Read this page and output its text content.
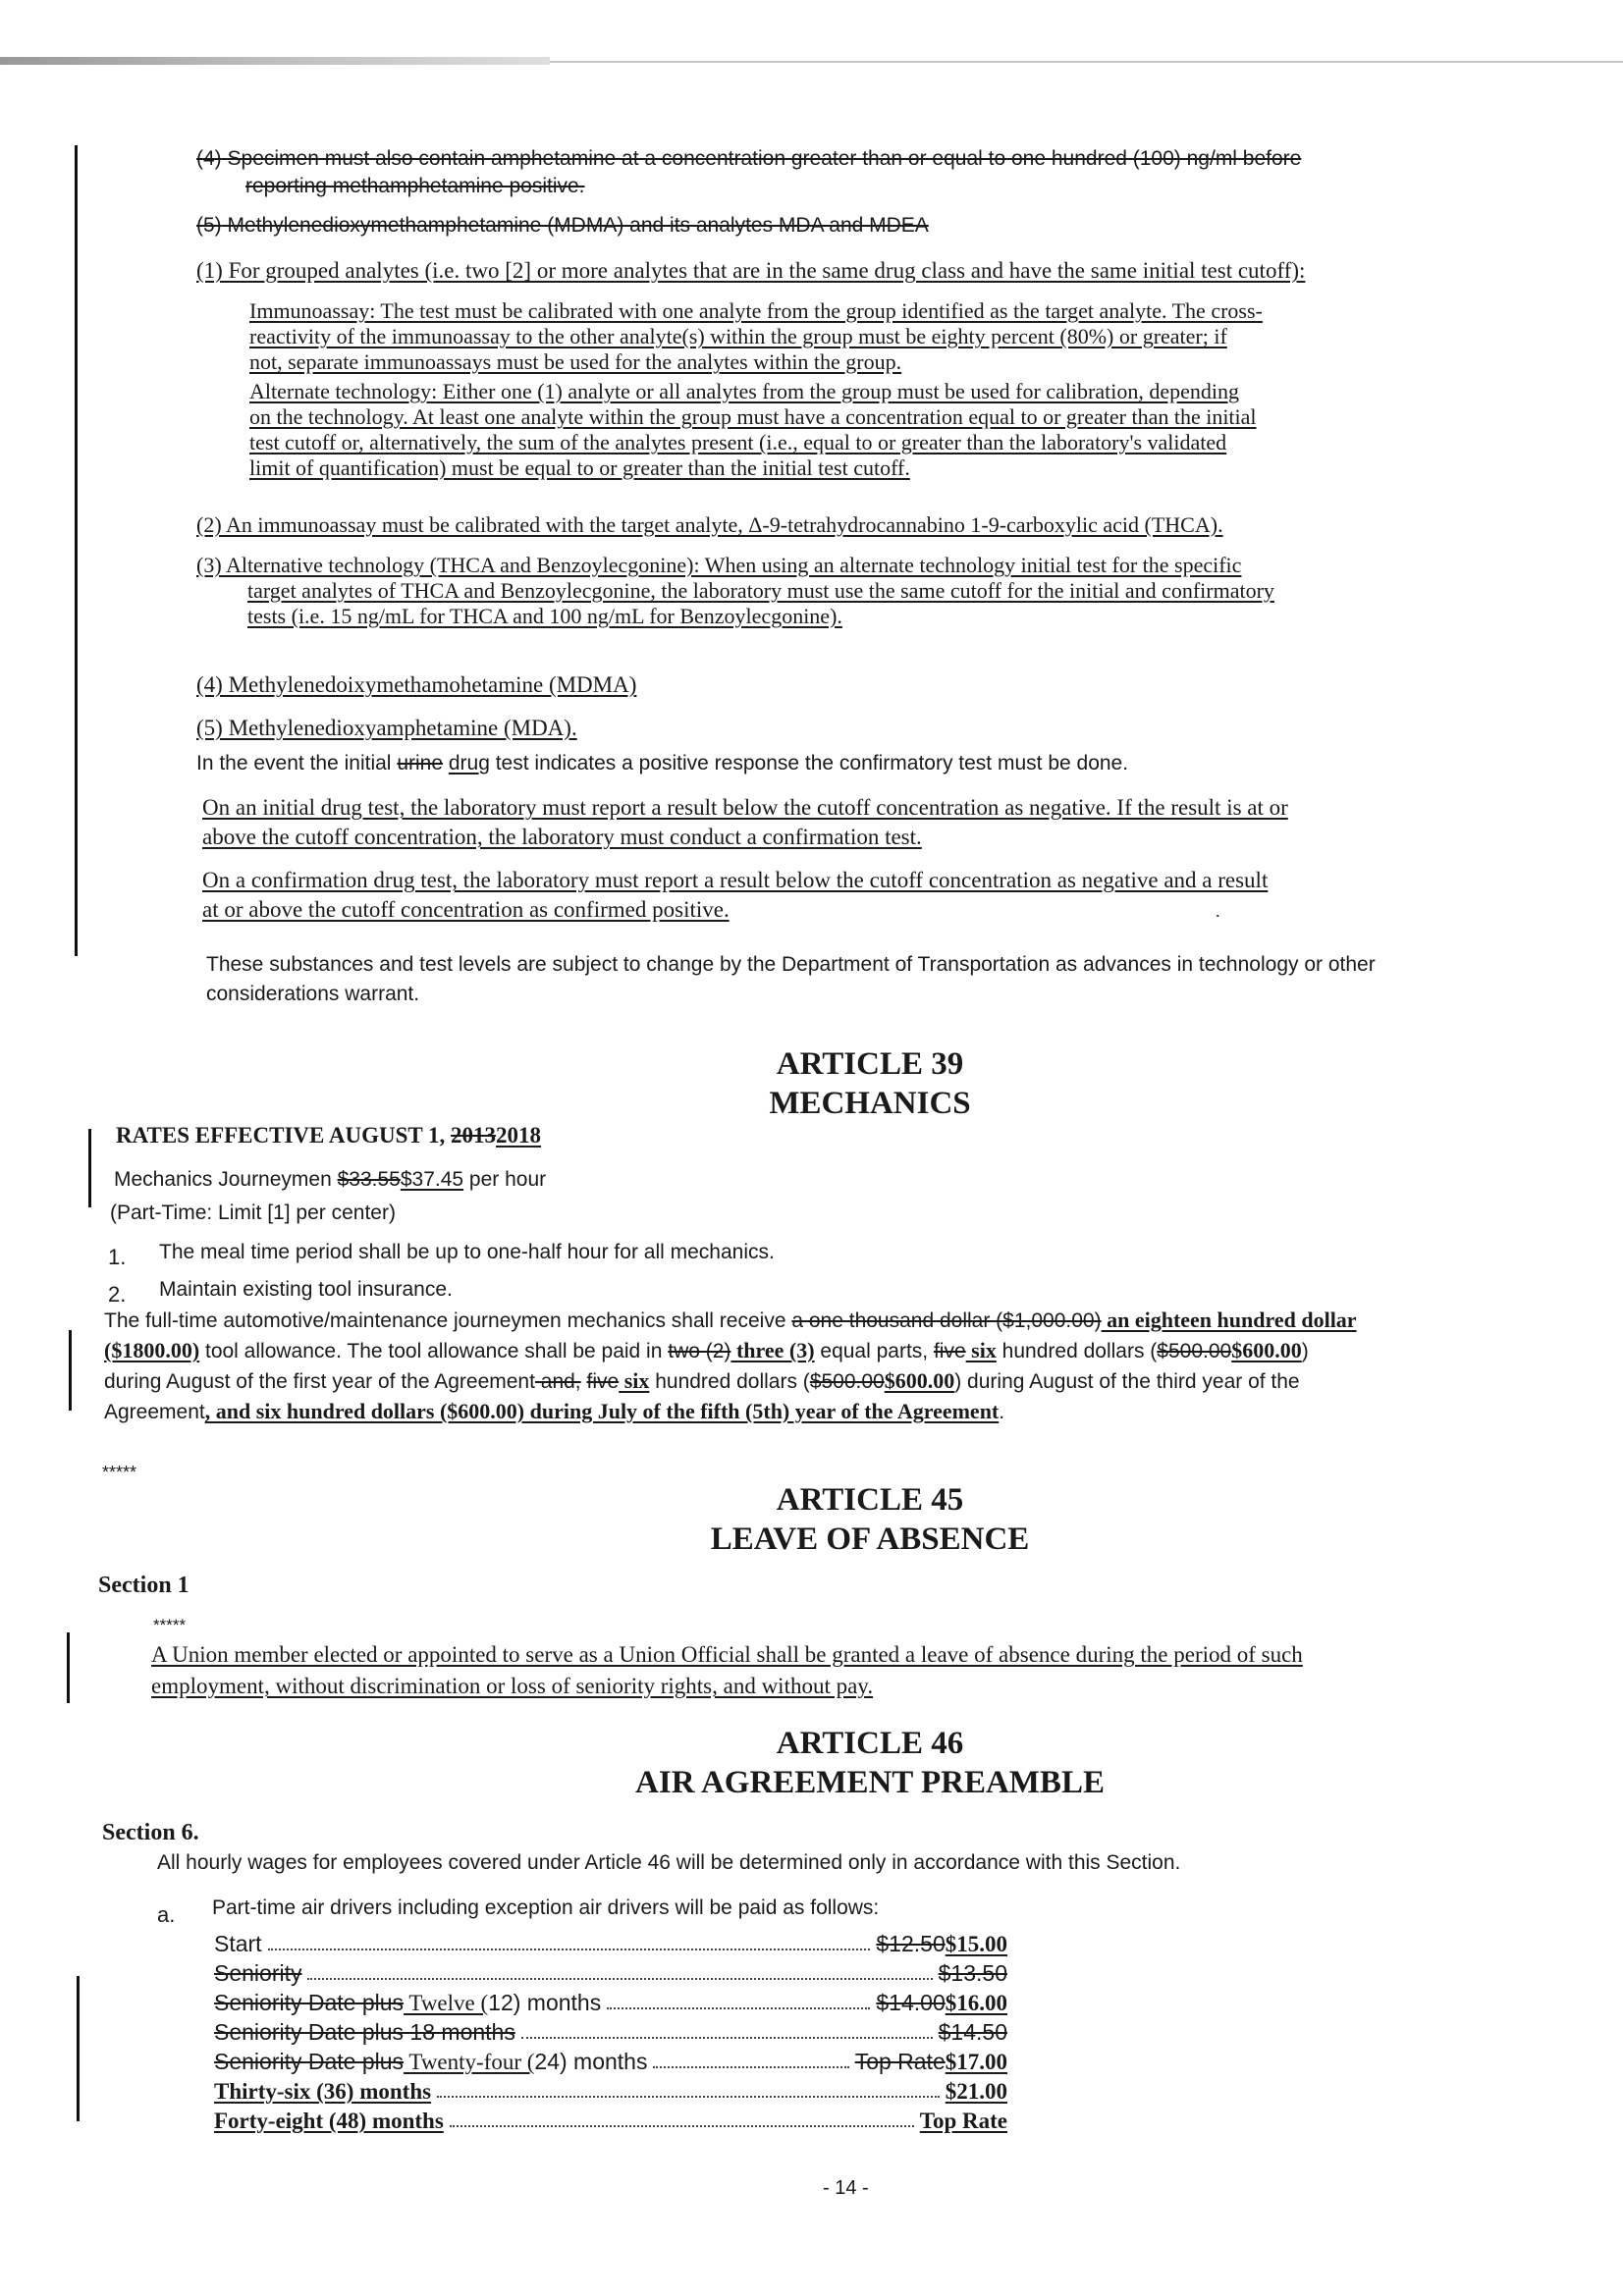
(4) Specimen must also contain amphetamine at a concentration greater than or equal to one hundred (100) ng/ml before
reporting methamphetamine positive.
(5) Methylenedioxymethamphetamine (MDMA) and its analytes MDA and MDEA
(1) For grouped analytes (i.e. two [2] or more analytes that are in the same drug class and have the same initial test cutoff):
Immunoassay: The test must be calibrated with one analyte from the group identified as the target analyte. The cross-
reactivity of the immunoassay to the other analyte(s) within the group must be eighty percent (80%) or greater; if
not, separate immunoassays must be used for the analytes within the group.
Alternate technology: Either one (1) analyte or all analytes from the group must be used for calibration, depending
on the technology. At least one analyte within the group must have a concentration equal to or greater than the initial
test cutoff or, alternatively, the sum of the analytes present (i.e., equal to or greater than the laboratory's validated
limit of quantification) must be equal to or greater than the initial test cutoff.
(2) An immunoassay must be calibrated with the target analyte, Δ-9-tetrahydrocannabino 1-9-carboxylic acid (THCA).
(3) Alternative technology (THCA and Benzoylecgonine): When using an alternate technology initial test for the specific
target analytes of THCA and Benzoylecgonine, the laboratory must use the same cutoff for the initial and confirmatory
tests (i.e. 15 ng/mL for THCA and 100 ng/mL for Benzoylecgonine).
(4) Methylenedoixymethamohetamine (MDMA)
(5) Methylenedioxyamphetamine (MDA).
In the event the initial urine drug test indicates a positive response the confirmatory test must be done.
On an initial drug test, the laboratory must report a result below the cutoff concentration as negative. If the result is at or
above the cutoff concentration, the laboratory must conduct a confirmation test.
On a confirmation drug test, the laboratory must report a result below the cutoff concentration as negative and a result
at or above the cutoff concentration as confirmed positive.	.
These substances and test levels are subject to change by the Department of Transportation as advances in technology or other
considerations warrant.
ARTICLE 39
MECHANICS
RATES EFFECTIVE AUGUST 1, 20132018
Mechanics Journeymen $33.55$37.45 per hour
(Part-Time: Limit [1] per center)
1. The meal time period shall be up to one-half hour for all mechanics.
2. Maintain existing tool insurance.
The full-time automotive/maintenance journeymen mechanics shall receive a one thousand dollar ($1,000.00) an eighteen hundred dollar
($1800.00) tool allowance. The tool allowance shall be paid in two (2) three (3) equal parts, five six hundred dollars ($500.00$600.00)
during August of the first year of the Agreement and, five six hundred dollars ($500.00$600.00) during August of the third year of the
Agreement, and six hundred dollars ($600.00) during July of the fifth (5th) year of the Agreement.
*****
ARTICLE 45
LEAVE OF ABSENCE
Section 1
*****
A Union member elected or appointed to serve as a Union Official shall be granted a leave of absence during the period of such
employment, without discrimination or loss of seniority rights, and without pay.
ARTICLE 46
AIR AGREEMENT PREAMBLE
Section 6.
All hourly wages for employees covered under Article 46 will be determined only in accordance with this Section.
a. Part-time air drivers including exception air drivers will be paid as follows:
Start	$12.50$15.00
Seniority	$13.50
Seniority Date plus Twelve (12) months	$14.00$16.00
Seniority Date plus 18 months	$14.50
Seniority Date plus Twenty-four (24) months	Top Rate$17.00
Thirty-six (36) months	$21.00
Forty-eight (48) months	Top Rate
- 14 -
